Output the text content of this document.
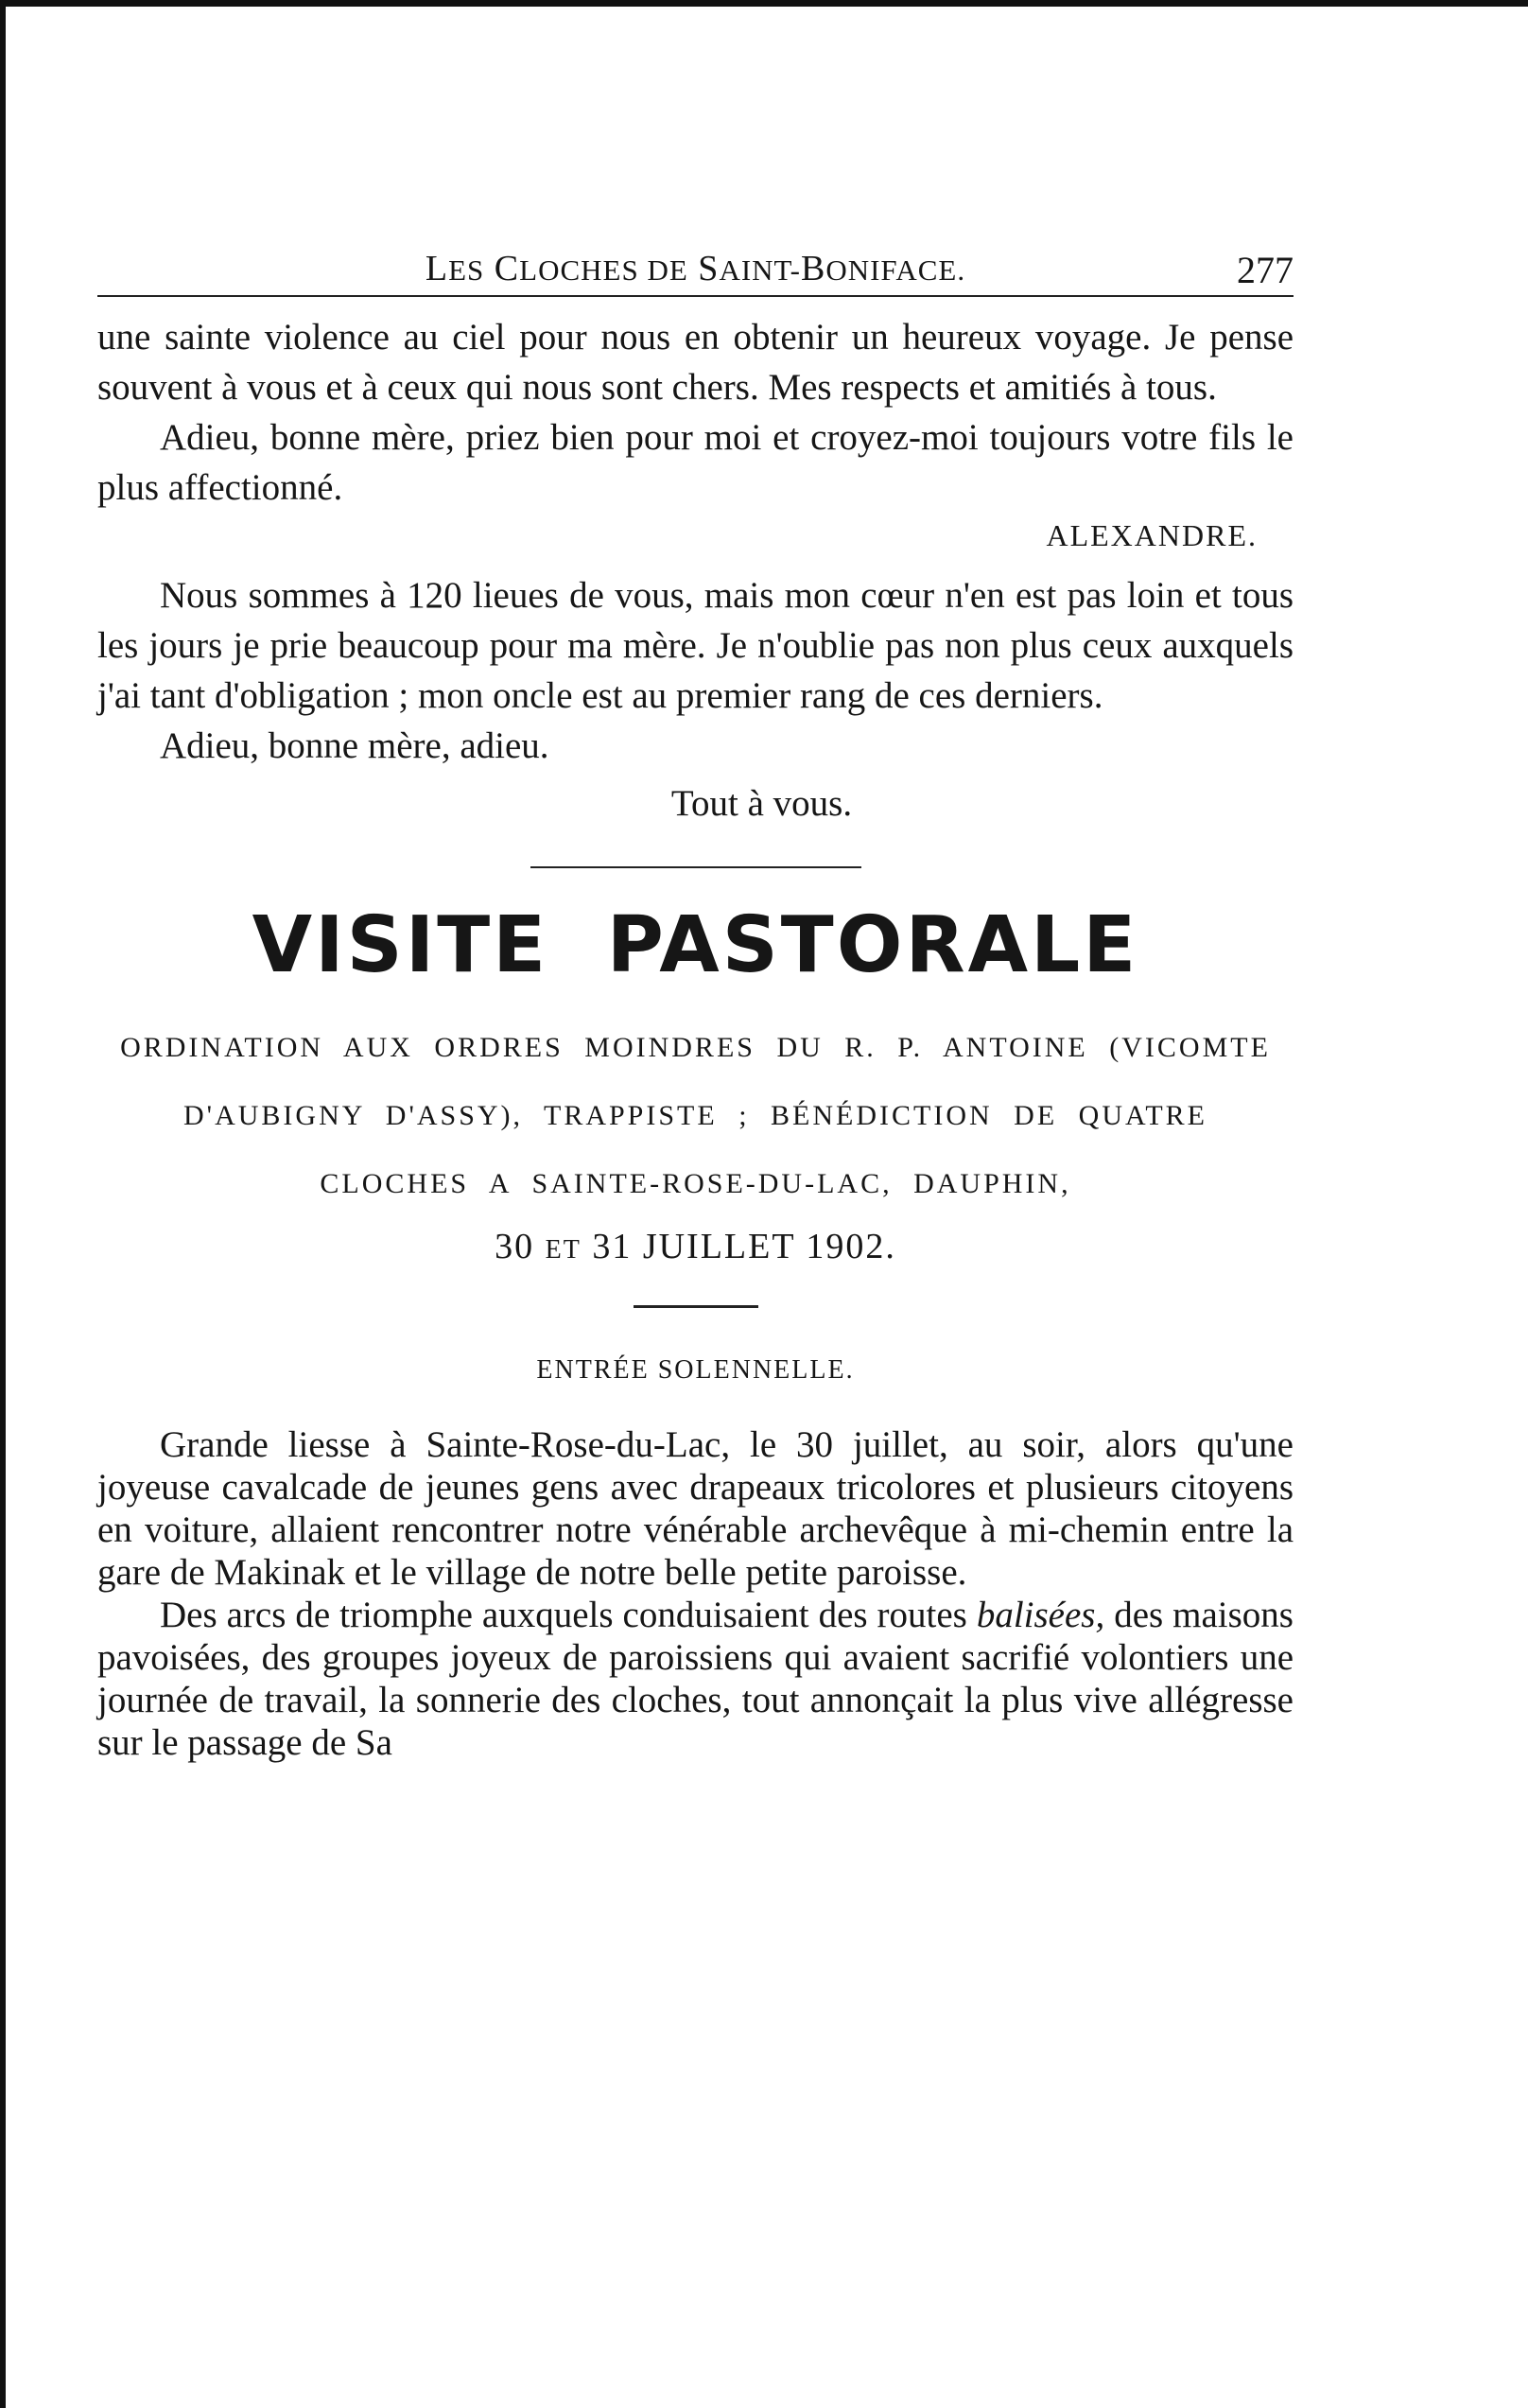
LES CLOCHES DE SAINT-BONIFACE.	277

une sainte violence au ciel pour nous en obtenir un heureux voyage. Je pense souvent à vous et à ceux qui nous sont chers. Mes respects et amitiés à tous.

Adieu, bonne mère, priez bien pour moi et croyez-moi toujours votre fils le plus affectionné.

ALEXANDRE.

Nous sommes à 120 lieues de vous, mais mon cœur n'en est pas loin et tous les jours je prie beaucoup pour ma mère. Je n'oublie pas non plus ceux auxquels j'ai tant d'obligation ; mon oncle est au premier rang de ces derniers.

Adieu, bonne mère, adieu.

Tout à vous.

VISITE PASTORALE
ORDINATION AUX ORDRES MOINDRES DU R. P. ANTOINE (VICOMTE
D'AUBIGNY D'ASSY), TRAPPISTE ; BÉNÉDICTION DE QUATRE
CLOCHES A SAINTE-ROSE-DU-LAC, DAUPHIN,
30 ET 31 JUILLET 1902.
ENTRÉE SOLENNELLE.

Grande liesse à Sainte-Rose-du-Lac, le 30 juillet, au soir, alors qu'une joyeuse cavalcade de jeunes gens avec drapeaux tricolores et plusieurs citoyens en voiture, allaient rencontrer notre vénérable archevêque à mi-chemin entre la gare de Makinak et le village de notre belle petite paroisse.

Des arcs de triomphe auxquels conduisaient des routes balisées, des maisons pavoisées, des groupes joyeux de paroissiens qui avaient sacrifié volontiers une journée de travail, la sonnerie des cloches, tout annonçait la plus vive allégresse sur le passage de Sa
